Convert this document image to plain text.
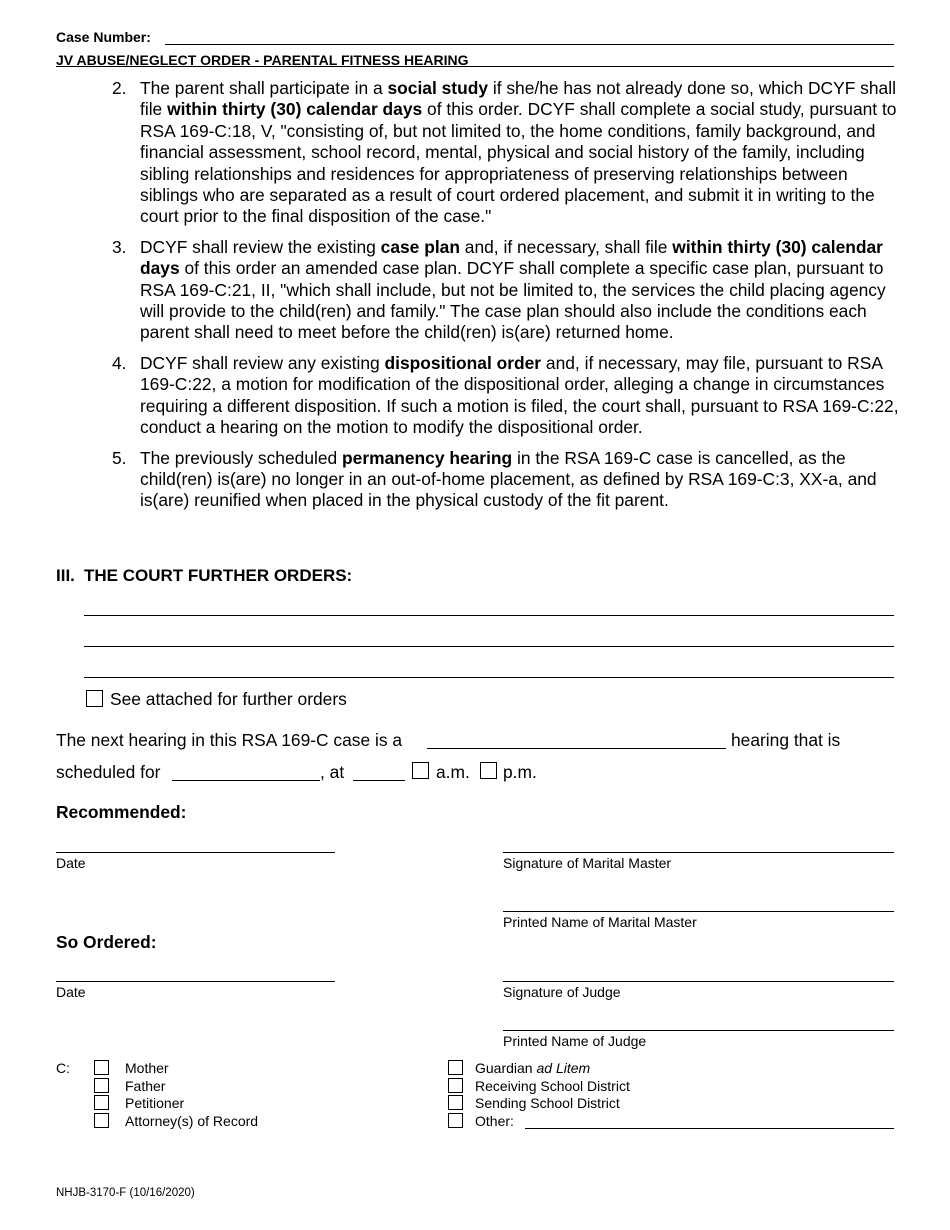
Case Number:
JV ABUSE/NEGLECT ORDER - PARENTAL FITNESS HEARING
2. The parent shall participate in a social study if she/he has not already done so, which DCYF shall file within thirty (30) calendar days of this order. DCYF shall complete a social study, pursuant to RSA 169-C:18, V, "consisting of, but not limited to, the home conditions, family background, and financial assessment, school record, mental, physical and social history of the family, including sibling relationships and residences for appropriateness of preserving relationships between siblings who are separated as a result of court ordered placement, and submit it in writing to the court prior to the final disposition of the case."
3. DCYF shall review the existing case plan and, if necessary, shall file within thirty (30) calendar days of this order an amended case plan. DCYF shall complete a specific case plan, pursuant to RSA 169-C:21, II, "which shall include, but not be limited to, the services the child placing agency will provide to the child(ren) and family." The case plan should also include the conditions each parent shall need to meet before the child(ren) is(are) returned home.
4. DCYF shall review any existing dispositional order and, if necessary, may file, pursuant to RSA 169-C:22, a motion for modification of the dispositional order, alleging a change in circumstances requiring a different disposition. If such a motion is filed, the court shall, pursuant to RSA 169-C:22, conduct a hearing on the motion to modify the dispositional order.
5. The previously scheduled permanency hearing in the RSA 169-C case is cancelled, as the child(ren) is(are) no longer in an out-of-home placement, as defined by RSA 169-C:3, XX-a, and is(are) reunified when placed in the physical custody of the fit parent.
III. THE COURT FURTHER ORDERS:
See attached for further orders
The next hearing in this RSA 169-C case is a	hearing that is
scheduled for	, at	a.m. p.m.
Recommended:
Date	Signature of Marital Master
Printed Name of Marital Master
So Ordered:
Date	Signature of Judge
Printed Name of Judge
C:	Mother
Father
Petitioner
Attorney(s) of Record
Guardian ad Litem
Receiving School District
Sending School District
Other:
NHJB-3170-F (10/16/2020)
